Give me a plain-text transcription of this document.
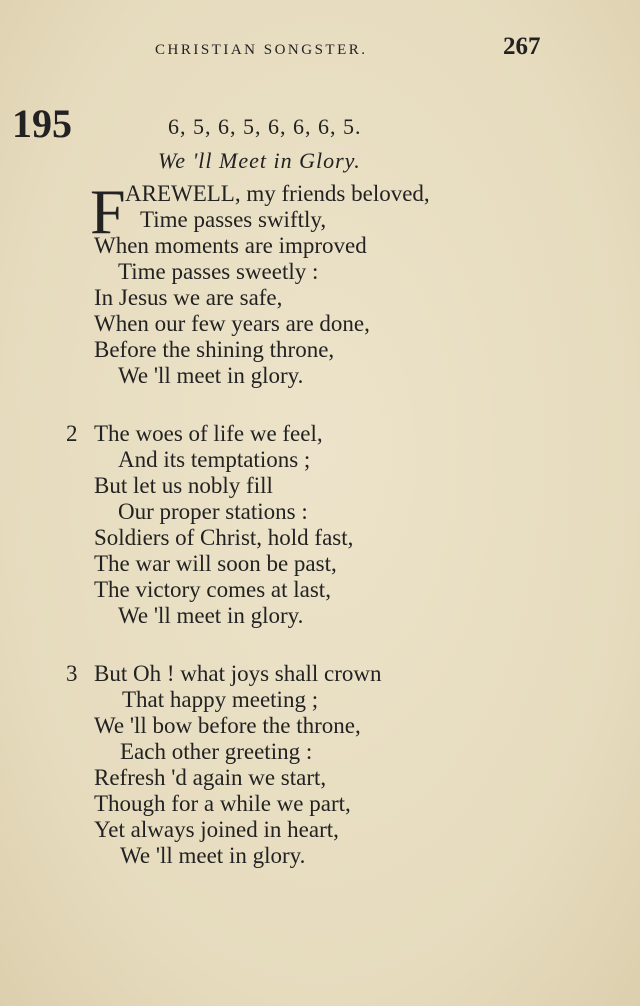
CHRISTIAN SONGSTER.	267
195	6, 5, 6, 5, 6, 6, 6, 5.
We 'll Meet in Glory.
F AREWELL, my friends beloved,
Time passes swiftly,
When moments are improved
Time passes sweetly :
In Jesus we are safe,
When our few years are done,
Before the shining throne,
We 'll meet in glory.
2 The woes of life we feel,
And its temptations ;
But let us nobly fill
Our proper stations :
Soldiers of Christ, hold fast,
The war will soon be past,
The victory comes at last,
We 'll meet in glory.
3 But Oh ! what joys shall crown
That happy meeting ;
We 'll bow before the throne,
Each other greeting :
Refresh 'd again we start,
Though for a while we part,
Yet always joined in heart,
We 'll meet in glory.
